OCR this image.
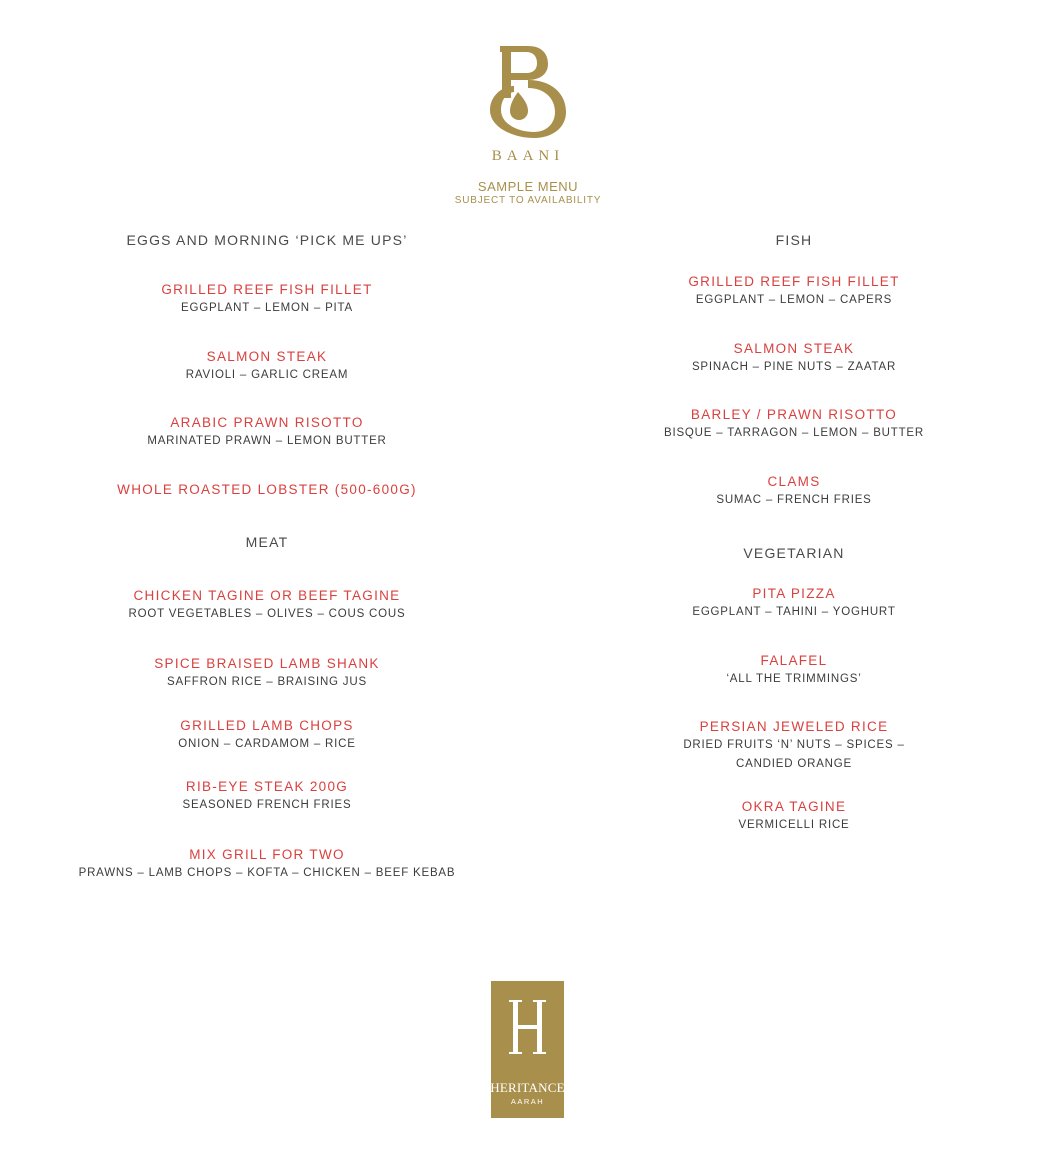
BAANI
SAMPLE MENU
SUBJECT TO AVAILABILITY
EGGS AND MORNING ‘PICK ME UPS’
GRILLED REEF FISH FILLET
EGGPLANT – LEMON – PITA
SALMON STEAK
RAVIOLI – GARLIC CREAM
ARABIC PRAWN RISOTTO
MARINATED PRAWN – LEMON BUTTER
WHOLE ROASTED LOBSTER (500-600G)
MEAT
CHICKEN TAGINE OR BEEF TAGINE
ROOT VEGETABLES – OLIVES – COUS COUS
SPICE BRAISED LAMB SHANK
SAFFRON RICE – BRAISING JUS
GRILLED LAMB CHOPS
ONION – CARDAMOM – RICE
RIB-EYE STEAK 200G
SEASONED FRENCH FRIES
MIX GRILL FOR TWO
PRAWNS – LAMB CHOPS – KOFTA – CHICKEN – BEEF KEBAB
FISH
GRILLED REEF FISH FILLET
EGGPLANT – LEMON – CAPERS
SALMON STEAK
SPINACH – PINE NUTS – ZAATAR
BARLEY / PRAWN RISOTTO
BISQUE – TARRAGON – LEMON – BUTTER
CLAMS
SUMAC – FRENCH FRIES
VEGETARIAN
PITA PIZZA
EGGPLANT – TAHINI – YOGHURT
FALAFEL
‘ALL THE TRIMMINGS’
PERSIAN JEWELED RICE
DRIED FRUITS ‘N’ NUTS – SPICES – CANDIED ORANGE
OKRA TAGINE
VERMICELLI RICE
HERITANCE
AARAH
